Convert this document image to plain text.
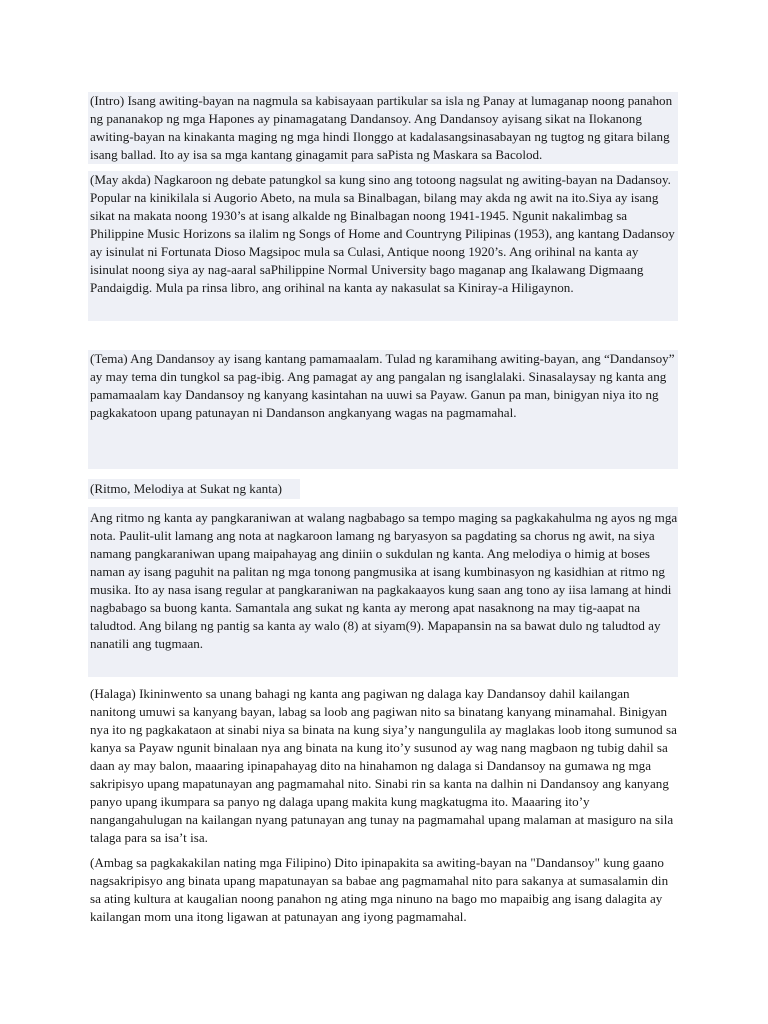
(Intro) Isang awiting-bayan na nagmula sa kabisayaan partikular sa isla ng Panay at lumaganap noong panahon ng pananakop ng mga Hapones ay pinamagatang Dandansoy. Ang Dandansoy ayisang sikat na Ilokanong awiting-bayan na kinakanta maging ng mga hindi Ilonggo at kadalasangsinasabayan ng tugtog ng gitara bilang isang ballad. Ito ay isa sa mga kantang ginagamit para saPista ng Maskara sa Bacolod.

(May akda) Nagkaroon ng debate patungkol sa kung sino ang totoong nagsulat ng awiting-bayan na Dadansoy. Popular na kinikilala si Augorio Abeto, na mula sa Binalbagan, bilang may akda ng awit na ito.Siya ay isang sikat na makata noong 1930’s at isang alkalde ng Binalbagan noong 1941-1945. Ngunit nakalimbag sa Philippine Music Horizons sa ilalim ng Songs of Home and Countryng Pilipinas (1953), ang kantang Dadansoy ay isinulat ni Fortunata Dioso Magsipoc mula sa Culasi, Antique noong 1920’s. Ang orihinal na kanta ay isinulat noong siya ay nag-aaral saPhilippine Normal University bago maganap ang Ikalawang Digmaang Pandaigdig. Mula pa rinsa libro, ang orihinal na kanta ay nakasulat sa Kiniray-a Hiligaynon.

(Tema) Ang Dandansoy ay isang kantang pamamaalam. Tulad ng karamihang awiting-bayan, ang “Dandansoy” ay may tema din tungkol sa pag-ibig. Ang pamagat ay ang pangalan ng isanglalaki. Sinasalaysay ng kanta ang pamamaalam kay Dandansoy ng kanyang kasintahan na uuwi sa Payaw. Ganun pa man, binigyan niya ito ng pagkakatoon upang patunayan ni Dandanson angkanyang wagas na pagmamahal.

(Ritmo, Melodiya at Sukat ng kanta)

Ang ritmo ng kanta ay pangkaraniwan at walang nagbabago sa tempo maging sa pagkakahulma ng ayos ng mga nota. Paulit-ulit lamang ang nota at nagkaroon lamang ng baryasyon sa pagdating sa chorus ng awit, na siya namang pangkaraniwan upang maipahayag ang diniin o sukdulan ng kanta. Ang melodiya o himig at boses naman ay isang paguhit na palitan ng mga tonong pangmusika at isang kumbinasyon ng kasidhian at ritmo ng musika. Ito ay nasa isang regular at pangkaraniwan na pagkakaayos kung saan ang tono ay iisa lamang at hindi nagbabago sa buong kanta. Samantala ang sukat ng kanta ay merong apat nasaknong na may tig-aapat na taludtod. Ang bilang ng pantig sa kanta ay walo (8) at siyam(9). Mapapansin na sa bawat dulo ng taludtod ay nanatili ang tugmaan.

(Halaga) Ikininwento sa unang bahagi ng kanta ang pagiwan ng dalaga kay Dandansoy dahil kailangan nanitong umuwi sa kanyang bayan, labag sa loob ang pagiwan nito sa binatang kanyang minamahal. Binigyan nya ito ng pagkakataon at sinabi niya sa binata na kung siya’y nangungulila ay maglakas loob itong sumunod sa kanya sa Payaw ngunit binalaan nya ang binata na kung ito’y susunod ay wag nang magbaon ng tubig dahil sa daan ay may balon, maaaring ipinapahayag dito na hinahamon ng dalaga si Dandansoy na gumawa ng mga sakripisyo upang mapatunayan ang pagmamahal nito. Sinabi rin sa kanta na dalhin ni Dandansoy ang kanyang panyo upang ikumpara sa panyo ng dalaga upang makita kung magkatugma ito. Maaaring ito’y nangangahulugan na kailangan nyang patunayan ang tunay na pagmamahal upang malaman at masiguro na sila talaga para sa isa’t isa.

(Ambag sa pagkakakilan nating mga Filipino) Dito ipinapakita sa awiting-bayan na "Dandansoy" kung gaano nagsakripisyo ang binata upang mapatunayan sa babae ang pagmamahal nito para sakanya at sumasalamin din sa ating kultura at kaugalian noong panahon ng ating mga ninuno na bago mo mapaibig ang isang dalagita ay kailangan mom una itong ligawan at patunayan ang iyong pagmamahal.
